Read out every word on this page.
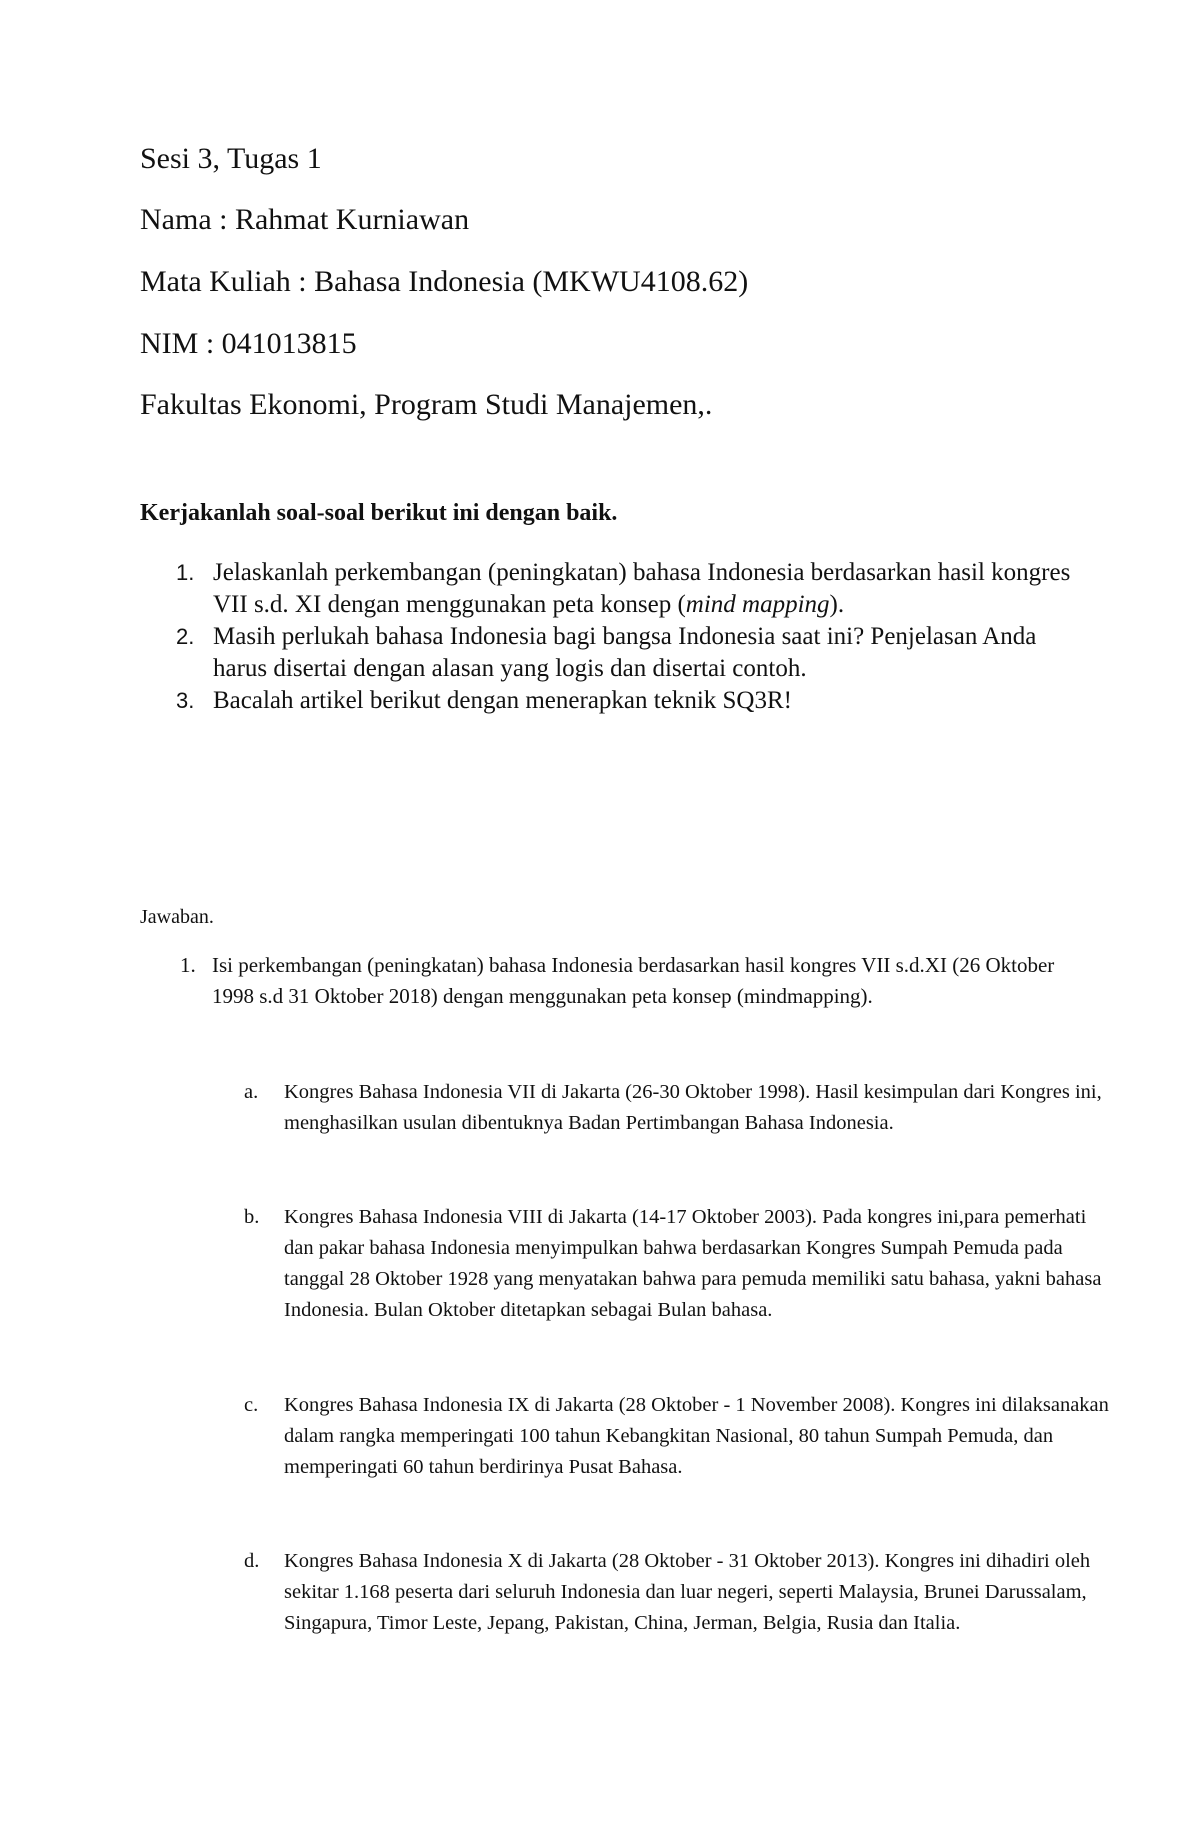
Sesi 3, Tugas 1

Nama : Rahmat Kurniawan

Mata Kuliah : Bahasa Indonesia (MKWU4108.62)

NIM : 041013815

Fakultas Ekonomi, Program Studi Manajemen,.

Kerjakanlah soal-soal berikut ini dengan baik.

1. Jelaskanlah perkembangan (peningkatan) bahasa Indonesia berdasarkan hasil kongres VII s.d. XI dengan menggunakan peta konsep (mind mapping).
2. Masih perlukah bahasa Indonesia bagi bangsa Indonesia saat ini? Penjelasan Anda harus disertai dengan alasan yang logis dan disertai contoh.
3. Bacalah artikel berikut dengan menerapkan teknik SQ3R!

Jawaban.

1. Isi perkembangan (peningkatan) bahasa Indonesia berdasarkan hasil kongres VII s.d.XI (26 Oktober 1998 s.d 31 Oktober 2018) dengan menggunakan peta konsep (mindmapping).
a. Kongres Bahasa Indonesia VII di Jakarta (26-30 Oktober 1998). Hasil kesimpulan dari Kongres ini, menghasilkan usulan dibentuknya Badan Pertimbangan Bahasa Indonesia.
b. Kongres Bahasa Indonesia VIII di Jakarta (14-17 Oktober 2003). Pada kongres ini,para pemerhati dan pakar bahasa Indonesia menyimpulkan bahwa berdasarkan Kongres Sumpah Pemuda pada tanggal 28 Oktober 1928 yang menyatakan bahwa para pemuda memiliki satu bahasa, yakni bahasa Indonesia. Bulan Oktober ditetapkan sebagai Bulan bahasa.
c. Kongres Bahasa Indonesia IX di Jakarta (28 Oktober - 1 November 2008). Kongres ini dilaksanakan dalam rangka memperingati 100 tahun Kebangkitan Nasional, 80 tahun Sumpah Pemuda, dan memperingati 60 tahun berdirinya Pusat Bahasa.
d. Kongres Bahasa Indonesia X di Jakarta (28 Oktober - 31 Oktober 2013). Kongres ini dihadiri oleh sekitar 1.168 peserta dari seluruh Indonesia dan luar negeri, seperti Malaysia, Brunei Darussalam, Singapura, Timor Leste, Jepang, Pakistan, China, Jerman, Belgia, Rusia dan Italia.
